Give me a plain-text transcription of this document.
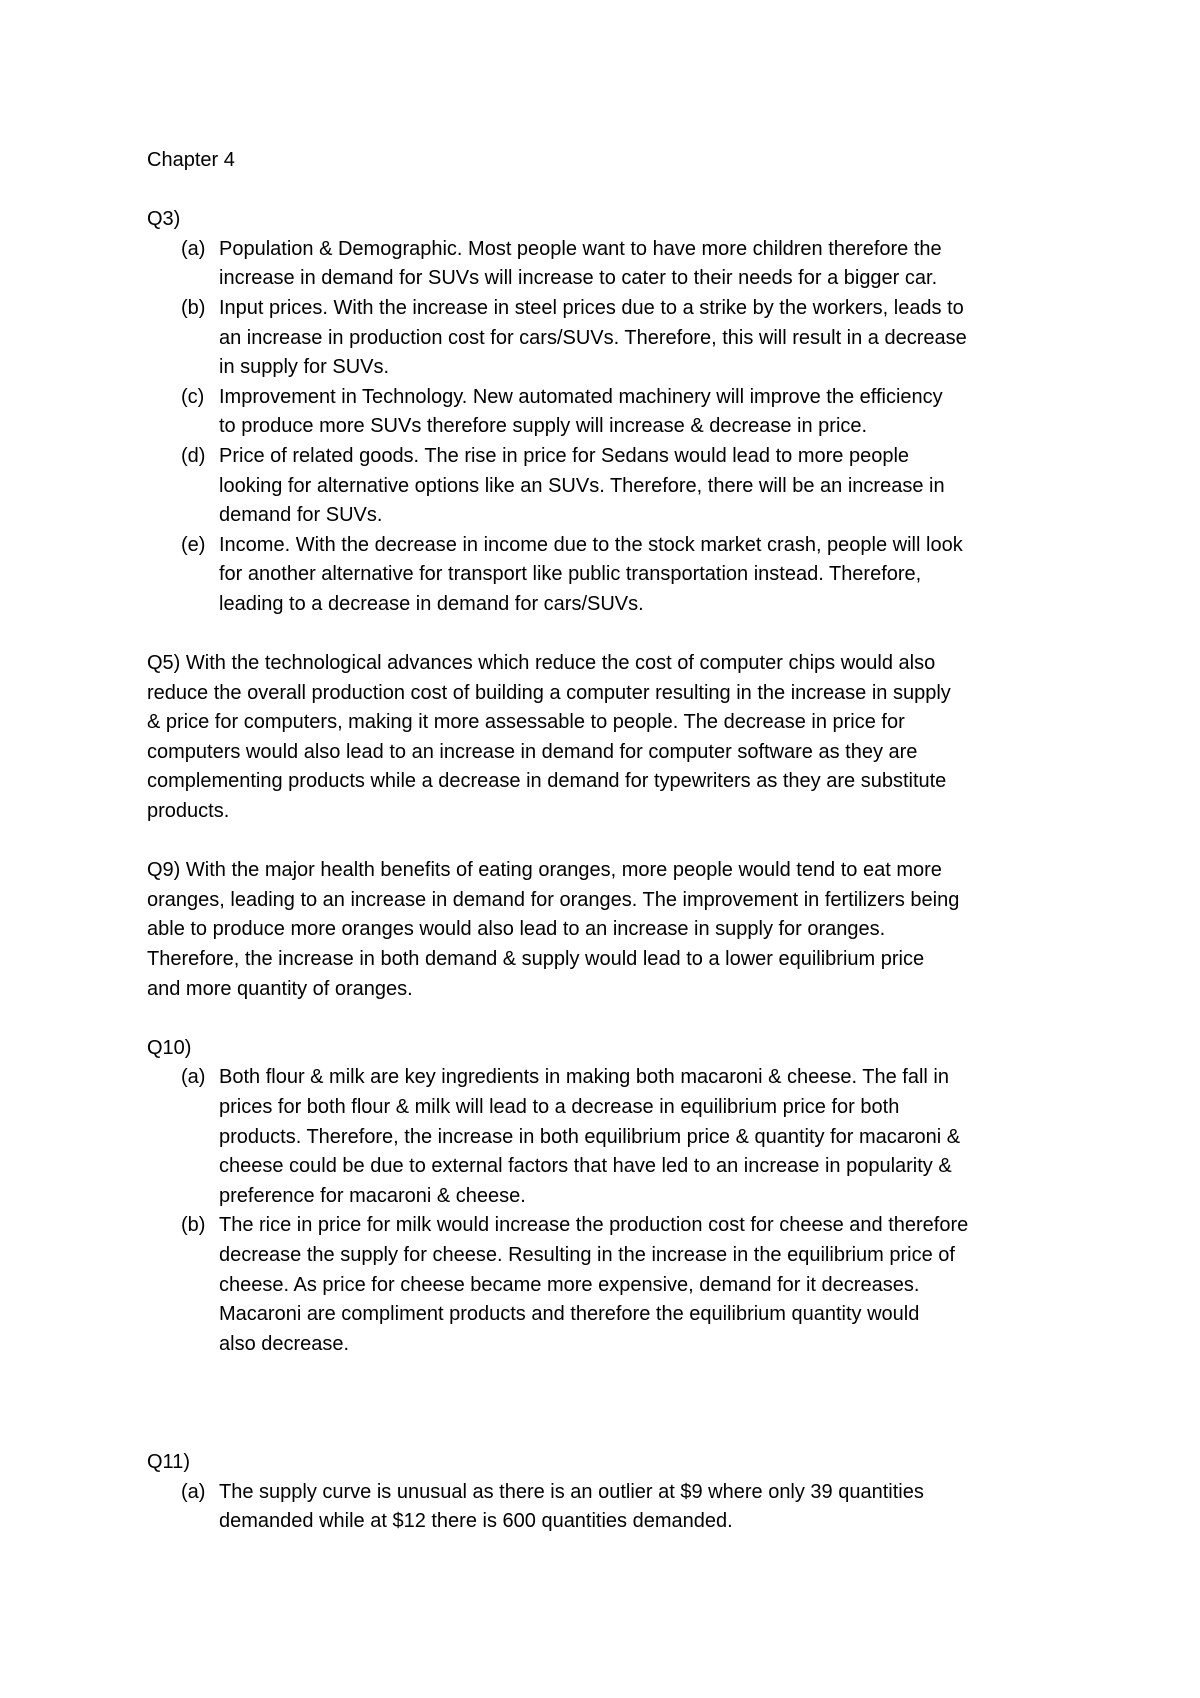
Chapter 4

Q3)

(a) Population & Demographic. Most people want to have more children therefore the

increase in demand for SUVs will increase to cater to their needs for a bigger car.

(b) Input prices. With the increase in steel prices due to a strike by the workers, leads to

an increase in production cost for cars/SUVs. Therefore, this will result in a decrease

in supply for SUVs.

(c) Improvement in Technology. New automated machinery will improve the efficiency

to produce more SUVs therefore supply will increase & decrease in price.

(d) Price of related goods. The rise in price for Sedans would lead to more people

looking for alternative options like an SUVs. Therefore, there will be an increase in

demand for SUVs.

(e) Income. With the decrease in income due to the stock market crash, people will look

for another alternative for transport like public transportation instead. Therefore,

leading to a decrease in demand for cars/SUVs.

Q5) With the technological advances which reduce the cost of computer chips would also

reduce the overall production cost of building a computer resulting in the increase in supply

& price for computers, making it more assessable to people. The decrease in price for

computers would also lead to an increase in demand for computer software as they are

complementing products while a decrease in demand for typewriters as they are substitute

products.

Q9) With the major health benefits of eating oranges, more people would tend to eat more

oranges, leading to an increase in demand for oranges. The improvement in fertilizers being

able to produce more oranges would also lead to an increase in supply for oranges.

Therefore, the increase in both demand & supply would lead to a lower equilibrium price

and more quantity of oranges.

Q10)

(a) Both flour & milk are key ingredients in making both macaroni & cheese. The fall in

prices for both flour & milk will lead to a decrease in equilibrium price for both

products. Therefore, the increase in both equilibrium price & quantity for macaroni &

cheese could be due to external factors that have led to an increase in popularity &

preference for macaroni & cheese.

(b) The rice in price for milk would increase the production cost for cheese and therefore

decrease the supply for cheese. Resulting in the increase in the equilibrium price of

cheese. As price for cheese became more expensive, demand for it decreases.

Macaroni are compliment products and therefore the equilibrium quantity would

also decrease.

Q11)

(a) The supply curve is unusual as there is an outlier at $9 where only 39 quantities

demanded while at $12 there is 600 quantities demanded.
